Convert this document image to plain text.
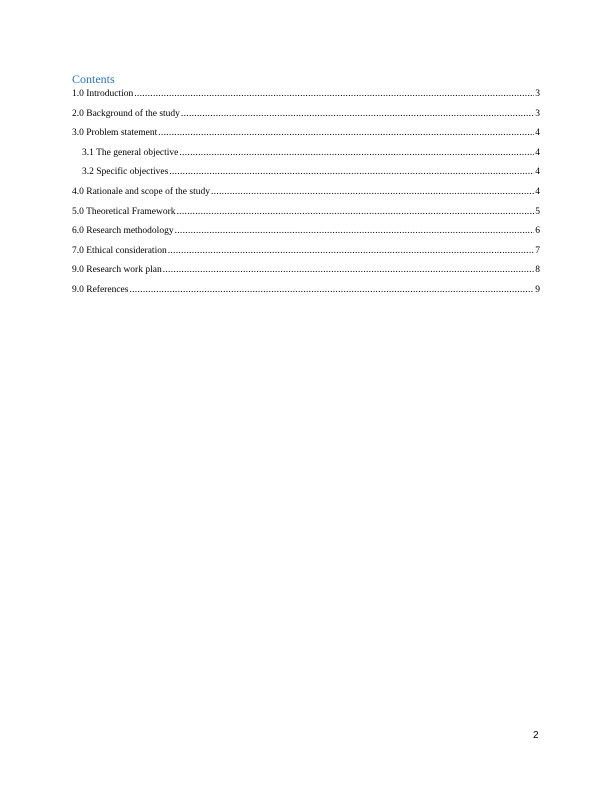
Contents
1.0 Introduction .....	3
2.0 Background of the study .....	3
3.0 Problem statement .....	4
3.1 The general objective .....	4
3.2 Specific objectives .....	4
4.0 Rationale and scope of the study .....	4
5.0 Theoretical Framework .....	5
6.0 Research methodology .....	6
7.0 Ethical consideration .....	7
9.0 Research work plan .....	8
9.0 References .....	9
2
